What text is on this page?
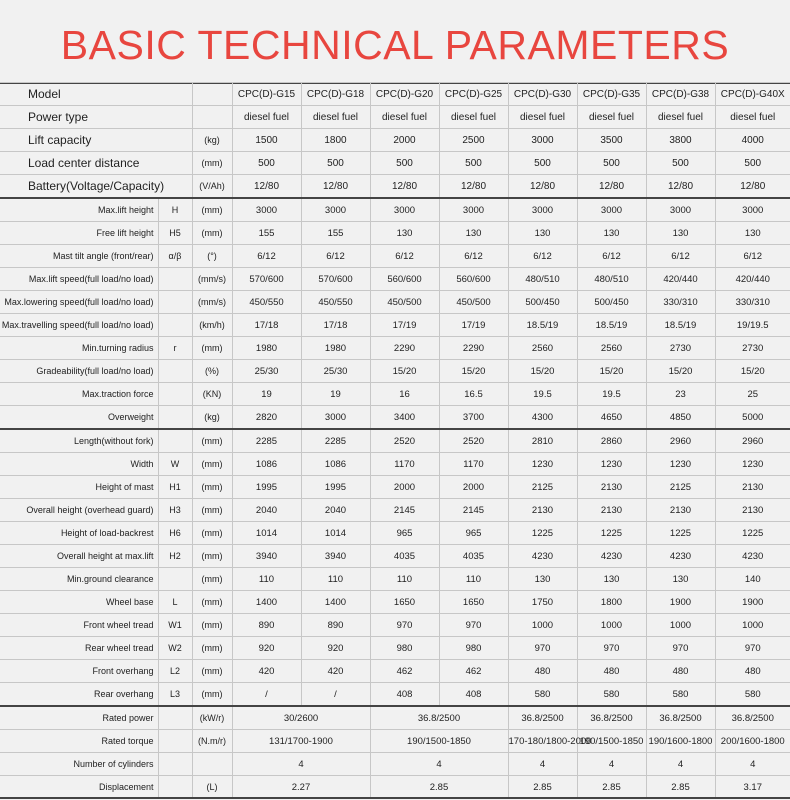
BASIC TECHNICAL PARAMETERS
Model			CPC(D)-G15	CPC(D)-G18	CPC(D)-G20	CPC(D)-G25	CPC(D)-G30	CPC(D)-G35	CPC(D)-G38	CPC(D)-G40X
Power type			diesel fuel	diesel fuel	diesel fuel	diesel fuel	diesel fuel	diesel fuel	diesel fuel	diesel fuel
Lift capacity		(kg)	1500	1800	2000	2500	3000	3500	3800	4000
Load center distance		(mm)	500	500	500	500	500	500	500	500
Battery(Voltage/Capacity)		(V/Ah)	12/80	12/80	12/80	12/80	12/80	12/80	12/80	12/80
Max.lift height	H	(mm)	3000	3000	3000	3000	3000	3000	3000	3000
Free lift height	H5	(mm)	155	155	130	130	130	130	130	130
Mast tilt angle (front/rear)	α/β	(°)	6/12	6/12	6/12	6/12	6/12	6/12	6/12	6/12
Max.lift speed(full load/no load)		(mm/s)	570/600	570/600	560/600	560/600	480/510	480/510	420/440	420/440
Max.lowering speed(full load/no load)		(mm/s)	450/550	450/550	450/500	450/500	500/450	500/450	330/310	330/310
Max.travelling speed(full load/no load)		(km/h)	17/18	17/18	17/19	17/19	18.5/19	18.5/19	18.5/19	19/19.5
Min.turning radius	r	(mm)	1980	1980	2290	2290	2560	2560	2730	2730
Gradeability(full load/no load)		(%)	25/30	25/30	15/20	15/20	15/20	15/20	15/20	15/20
Max.traction force		(KN)	19	19	16	16.5	19.5	19.5	23	25
Overweight		(kg)	2820	3000	3400	3700	4300	4650	4850	5000
Length(without fork)		(mm)	2285	2285	2520	2520	2810	2860	2960	2960
Width	W	(mm)	1086	1086	1170	1170	1230	1230	1230	1230
Height of mast	H1	(mm)	1995	1995	2000	2000	2125	2130	2125	2130
Overall height (overhead guard)	H3	(mm)	2040	2040	2145	2145	2130	2130	2130	2130
Height of load-backrest	H6	(mm)	1014	1014	965	965	1225	1225	1225	1225
Overall height at max.lift	H2	(mm)	3940	3940	4035	4035	4230	4230	4230	4230
Min.ground clearance		(mm)	110	110	110	110	130	130	130	140
Wheel base	L	(mm)	1400	1400	1650	1650	1750	1800	1900	1900
Front wheel tread	W1	(mm)	890	890	970	970	1000	1000	1000	1000
Rear wheel tread	W2	(mm)	920	920	980	980	970	970	970	970
Front overhang	L2	(mm)	420	420	462	462	480	480	480	480
Rear overhang	L3	(mm)	/	/	408	408	580	580	580	580
Rated power		(kW/r)	30/2600		36.8/2500		36.8/2500	36.8/2500	36.8/2500	36.8/2500
Rated torque		(N.m/r)	131/1700-1900		190/1500-1850		170-180/1800-2000	190/1500-1850	190/1600-1800	200/1600-1800
Number of cylinders			4		4		4	4	4	4
Displacement		(L)	2.27		2.85		2.85	2.85	2.85	3.17
